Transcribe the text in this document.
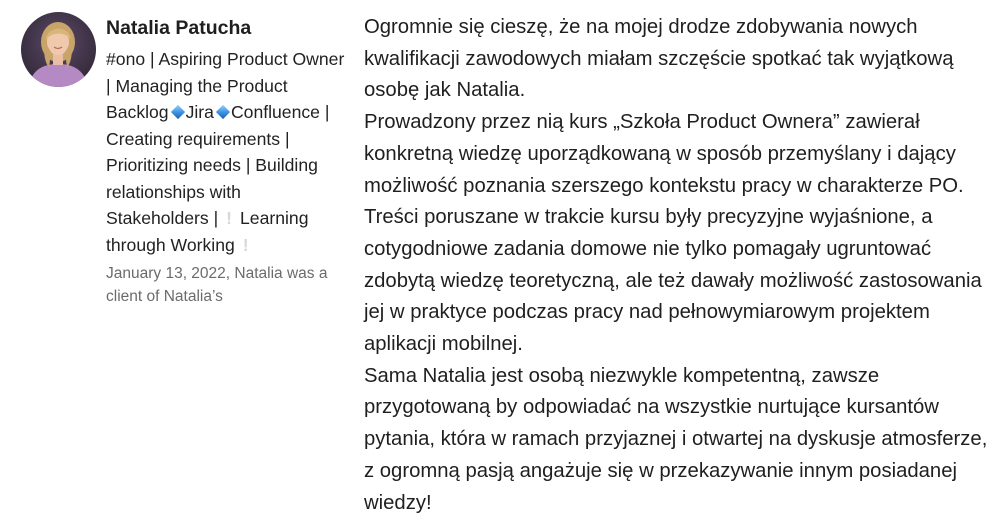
Natalia Patucha
#ono | Aspiring Product Owner | Managing the Product Backlog Jira Confluence | Creating requirements | Prioritizing needs | Building relationships with Stakeholders | ! Learning through Working !
January 13, 2022, Natalia was a client of Natalia’s

Ogromnie się cieszę, że na mojej drodze zdobywania nowych kwalifikacji zawodowych miałam szczęście spotkać tak wyjątkową osobę jak Natalia.

Prowadzony przez nią kurs „Szkoła Product Ownera” zawierał konkretną wiedzę uporządkowaną w sposób przemyślany i dający możliwość poznania szerszego kontekstu pracy w charakterze PO. Treści poruszane w trakcie kursu były precyzyjne wyjaśnione, a cotygodniowe zadania domowe nie tylko pomagały ugruntować zdobytą wiedzę teoretyczną, ale też dawały możliwość zastosowania jej w praktyce podczas pracy nad pełnowymiarowym projektem aplikacji mobilnej.

Sama Natalia jest osobą niezwykle kompetentną, zawsze przygotowaną by odpowiadać na wszystkie nurtujące kursantów pytania, która w ramach przyjaznej i otwartej na dyskusje atmosferze, z ogromną pasją angażuje się w przekazywanie innym posiadanej wiedzy!
